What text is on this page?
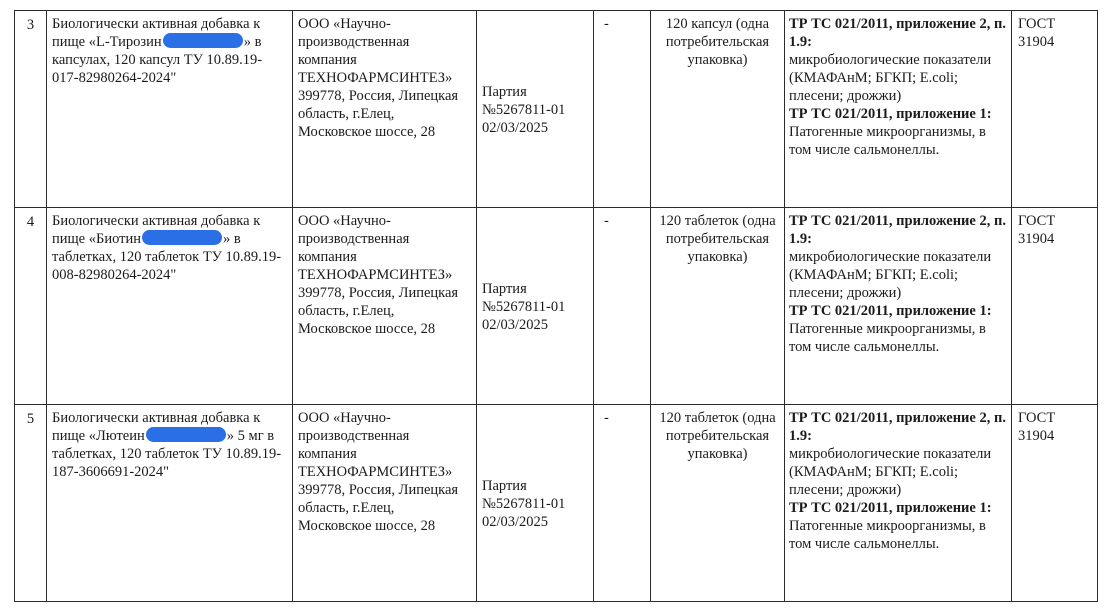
3	Биологически активная добавка к пище «L-Тирозин » в капсулах, 120 капсул ТУ 10.89.19-017-82980264-2024"	ООО «Научно-производственная компания ТЕХНОФАРМСИНТЕЗ» 399778, Россия, Липецкая область, г.Елец, Московское шоссе, 28	Партия
№5267811-01
02/03/2025	-	120 капсул (одна потребительская упаковка)	ТР ТС 021/2011, приложение 2, п. 1.9:
микробиологические показатели (КМАФАнМ; БГКП; E.coli; плесени; дрожжи)
ТР ТС 021/2011, приложение 1:
Патогенные микроорганизмы, в том числе сальмонеллы.	ГОСТ 31904
4	Биологически активная добавка к пище «Биотин » в таблетках, 120 таблеток ТУ 10.89.19-008-82980264-2024"	ООО «Научно-производственная компания ТЕХНОФАРМСИНТЕЗ» 399778, Россия, Липецкая область, г.Елец, Московское шоссе, 28	Партия
№5267811-01
02/03/2025	-	120 таблеток (одна потребительская упаковка)	ТР ТС 021/2011, приложение 2, п. 1.9:
микробиологические показатели (КМАФАнМ; БГКП; E.coli; плесени; дрожжи)
ТР ТС 021/2011, приложение 1:
Патогенные микроорганизмы, в том числе сальмонеллы.	ГОСТ 31904
5	Биологически активная добавка к пище «Лютеин » 5 мг в таблетках, 120 таблеток ТУ 10.89.19-187-3606691-2024"	ООО «Научно-производственная компания ТЕХНОФАРМСИНТЕЗ» 399778, Россия, Липецкая область, г.Елец, Московское шоссе, 28	Партия
№5267811-01
02/03/2025	-	120 таблеток (одна потребительская упаковка)	ТР ТС 021/2011, приложение 2, п. 1.9:
микробиологические показатели (КМАФАнМ; БГКП; E.coli; плесени; дрожжи)
ТР ТС 021/2011, приложение 1:
Патогенные микроорганизмы, в том числе сальмонеллы.	ГОСТ 31904
